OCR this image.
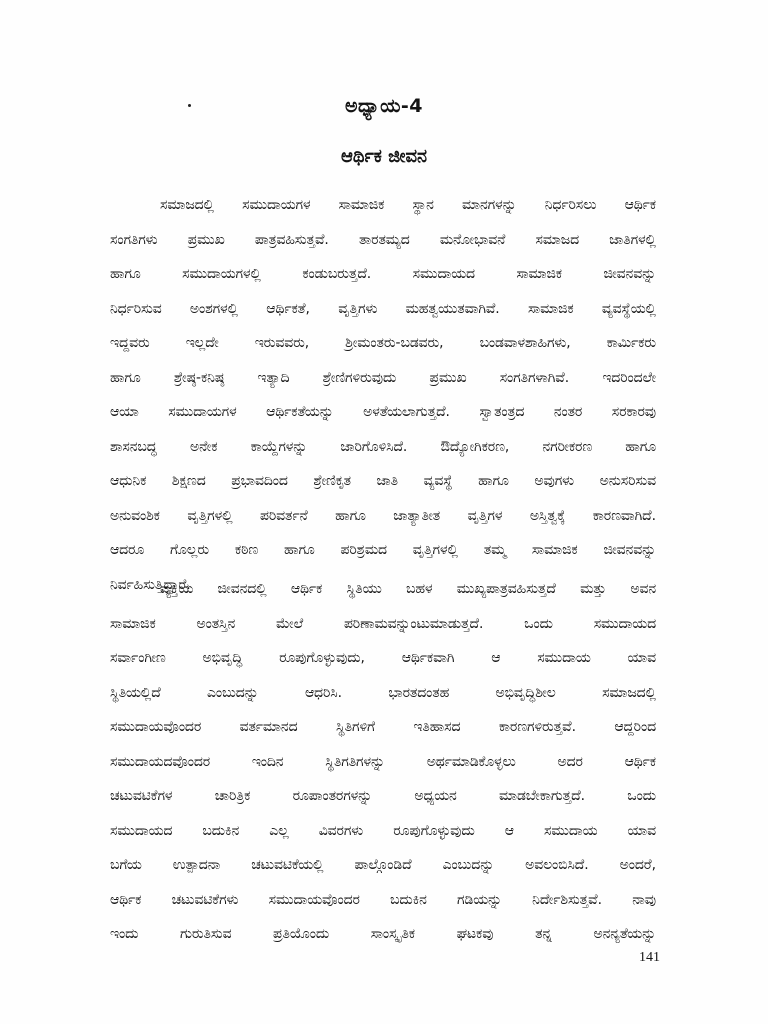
ಅಧ್ಯಾಯ-4
ಆರ್ಥಿಕ ಜೀವನ
ಸಮಾಜದಲ್ಲಿ ಸಮುದಾಯಗಳ ಸಾಮಾಜಿಕ ಸ್ಥಾನ ಮಾನಗಳನ್ನು ನಿರ್ಧರಿಸಲು ಆರ್ಥಿಕ
ಸಂಗತಿಗಳು ಪ್ರಮುಖ ಪಾತ್ರವಹಿಸುತ್ತವೆ. ತಾರತಮ್ಯದ ಮನೋಭಾವನೆ ಸಮಾಜದ ಜಾತಿಗಳಲ್ಲಿ
ಹಾಗೂ ಸಮುದಾಯಗಳಲ್ಲಿ ಕಂಡುಬರುತ್ತದೆ. ಸಮುದಾಯದ ಸಾಮಾಜಿಕ ಜೀವನವನ್ನು
ನಿರ್ಧರಿಸುವ ಅಂಶಗಳಲ್ಲಿ ಆರ್ಥಿಕತೆ, ವೃತ್ತಿಗಳು ಮಹತ್ವಯುತವಾಗಿವೆ. ಸಾಮಾಜಿಕ ವ್ಯವಸ್ಥೆಯಲ್ಲಿ
ಇದ್ದವರು ಇಲ್ಲದೇ ಇರುವವರು, ಶ್ರೀಮಂತರು-ಬಡವರು, ಬಂಡವಾಳಶಾಹಿಗಳು, ಕಾರ್ಮಿಕರು
ಹಾಗೂ ಶ್ರೇಷ್ಠ-ಕನಿಷ್ಠ ಇತ್ಯಾದಿ ಶ್ರೇಣಿಗಳಿರುವುದು ಪ್ರಮುಖ ಸಂಗತಿಗಳಾಗಿವೆ. ಇದರಿಂದಲೇ
ಆಯಾ ಸಮುದಾಯಗಳ ಆರ್ಥಿಕತೆಯನ್ನು ಅಳತೆಯಲಾಗುತ್ತದೆ. ಸ್ವಾತಂತ್ರದ ನಂತರ ಸರಕಾರವು
ಶಾಸನಬದ್ಧ ಅನೇಕ ಕಾಯ್ದೆಗಳನ್ನು ಜಾರಿಗೊಳಿಸಿದೆ. ಔದ್ಯೋಗಿಕರಣ, ನಗರೀಕರಣ ಹಾಗೂ
ಆಧುನಿಕ ಶಿಕ್ಷಣದ ಪ್ರಭಾವದಿಂದ ಶ್ರೇಣಿಕೃತ ಜಾತಿ ವ್ಯವಸ್ಥೆ ಹಾಗೂ ಅವುಗಳು ಅನುಸರಿಸುವ
ಅನುವಂಶಿಕ ವೃತ್ತಿಗಳಲ್ಲಿ ಪರಿವರ್ತನೆ ಹಾಗೂ ಜಾತ್ಯಾತೀತ ವೃತ್ತಿಗಳ ಅಸ್ತಿತ್ವಕ್ಕೆ ಕಾರಣವಾಗಿದೆ.
ಆದರೂ ಗೊಲ್ಲರು ಕಠಿಣ ಹಾಗೂ ಪರಿಶ್ರಮದ ವೃತ್ತಿಗಳಲ್ಲಿ ತಮ್ಮ ಸಾಮಾಜಿಕ ಜೀವನವನ್ನು
ನಿರ್ವಹಿಸುತ್ತಿದ್ದಾರೆ.
ವ್ಯಕ್ತಿಯ ಜೀವನದಲ್ಲಿ ಆರ್ಥಿಕ ಸ್ಥಿತಿಯು ಬಹಳ ಮುಖ್ಯಪಾತ್ರವಹಿಸುತ್ತದೆ ಮತ್ತು ಅವನ
ಸಾಮಾಜಿಕ ಅಂತಸ್ತಿನ ಮೇಲೆ ಪರಿಣಾಮವನ್ನುಂಟುಮಾಡುತ್ತದೆ. ಒಂದು ಸಮುದಾಯದ
ಸರ್ವಾಂಗೀಣ ಅಭಿವೃದ್ಧಿ ರೂಪುಗೊಳ್ಳುವುದು, ಆರ್ಥಿಕವಾಗಿ ಆ ಸಮುದಾಯ ಯಾವ
ಸ್ಥಿತಿಯಲ್ಲಿದೆ ಎಂಬುದನ್ನು ಆಧರಿಸಿ. ಭಾರತದಂತಹ ಅಭಿವೃದ್ಧಿಶೀಲ ಸಮಾಜದಲ್ಲಿ
ಸಮುದಾಯವೊಂದರ ವರ್ತಮಾನದ ಸ್ಥಿತಿಗಳಿಗೆ ಇತಿಹಾಸದ ಕಾರಣಗಳಿರುತ್ತವೆ. ಆದ್ದರಿಂದ
ಸಮುದಾಯದವೊಂದರ ಇಂದಿನ ಸ್ಥಿತಿಗತಿಗಳನ್ನು ಅರ್ಥಮಾಡಿಕೊಳ್ಳಲು ಅದರ ಆರ್ಥಿಕ
ಚಟುವಟಿಕೆಗಳ ಚಾರಿತ್ರಿಕ ರೂಪಾಂತರಗಳನ್ನು ಅಧ್ಯಯನ ಮಾಡಬೇಕಾಗುತ್ತದೆ. ಒಂದು
ಸಮುದಾಯದ ಬದುಕಿನ ಎಲ್ಲ ವಿವರಗಳು ರೂಪುಗೊಳ್ಳುವುದು ಆ ಸಮುದಾಯ ಯಾವ
ಬಗೆಯ ಉತ್ಪಾದನಾ ಚಟುವಟಿಕೆಯಲ್ಲಿ ಪಾಲ್ಗೊಂಡಿದೆ ಎಂಬುದನ್ನು ಅವಲಂಬಿಸಿದೆ. ಅಂದರೆ,
ಆರ್ಥಿಕ ಚಟುವಟಿಕೆಗಳು ಸಮುದಾಯವೊಂದರ ಬದುಕಿನ ಗಡಿಯನ್ನು ನಿರ್ದೇಶಿಸುತ್ತವೆ. ನಾವು
ಇಂದು ಗುರುತಿಸುವ ಪ್ರತಿಯೊಂದು ಸಾಂಸ್ಕೃತಿಕ ಘಟಕವು ತನ್ನ ಅನನ್ಯತೆಯನ್ನು
141
